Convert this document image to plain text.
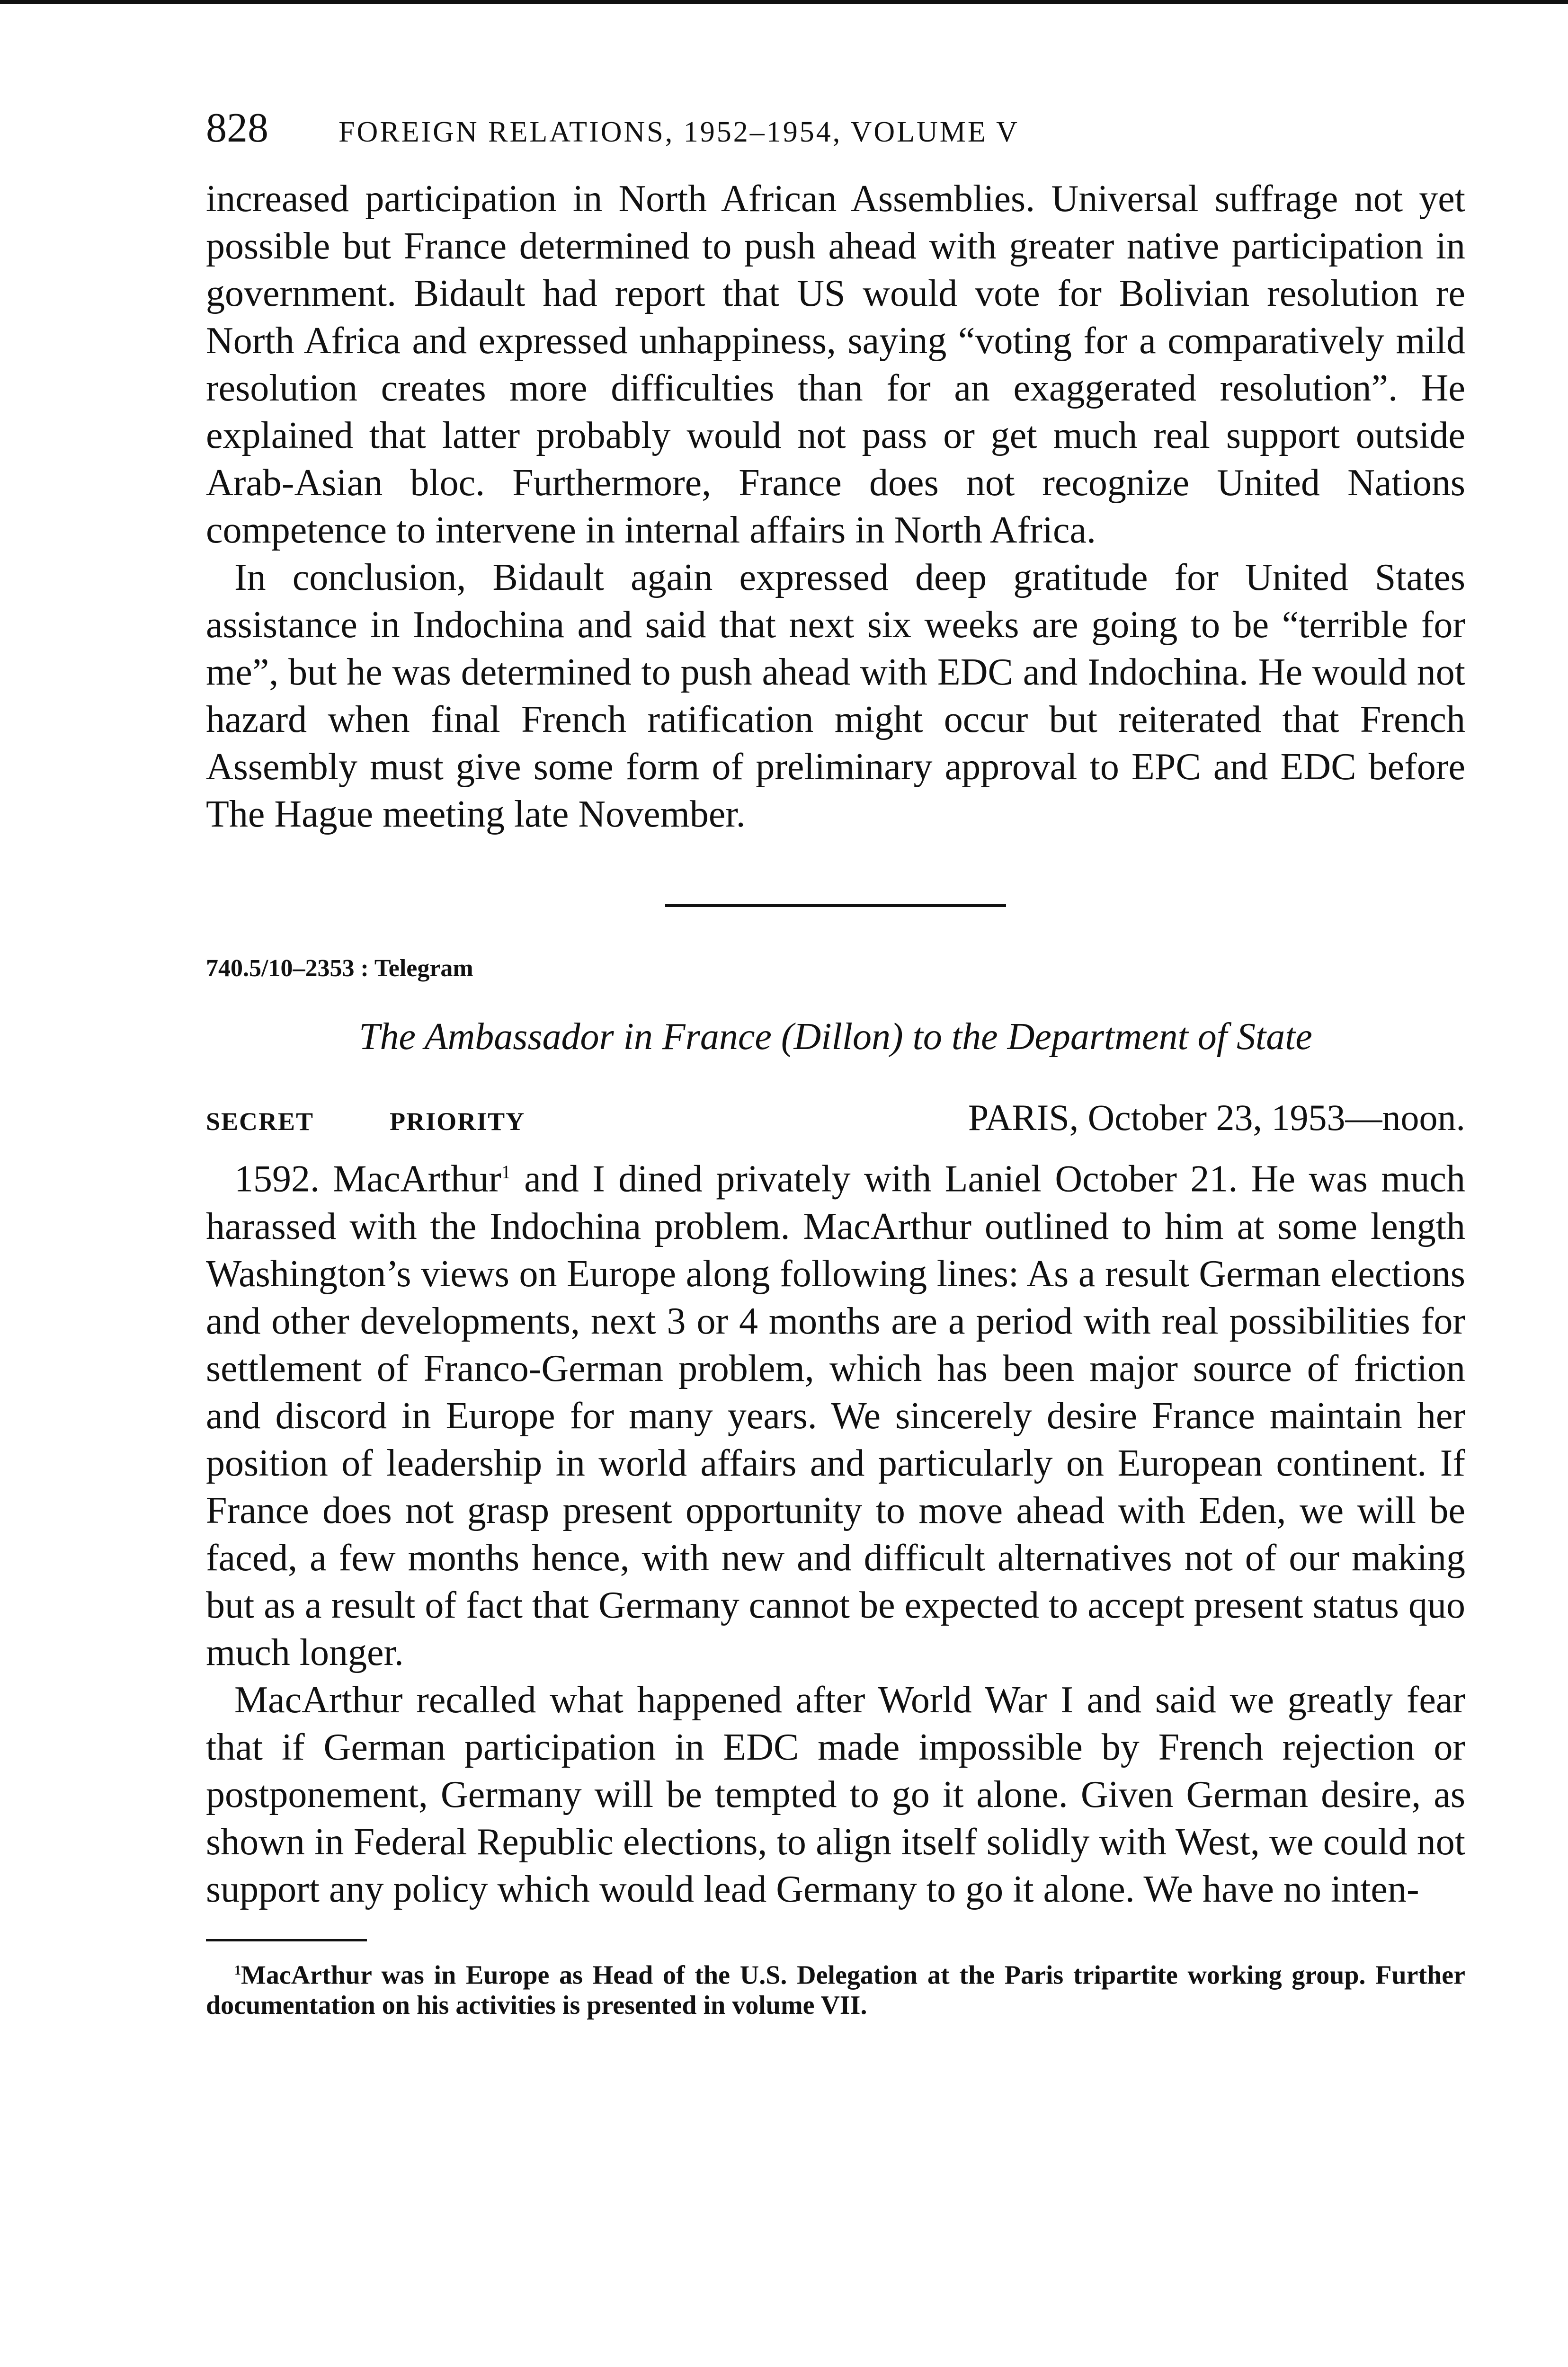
828	FOREIGN RELATIONS, 1952–1954, VOLUME V

increased participation in North African Assemblies. Universal suffrage not yet possible but France determined to push ahead with greater native participation in government. Bidault had report that US would vote for Bolivian resolution re North Africa and expressed unhappiness, saying “voting for a comparatively mild resolution creates more difficulties than for an exaggerated resolution”. He explained that latter probably would not pass or get much real support outside Arab-Asian bloc. Furthermore, France does not recognize United Nations competence to intervene in internal affairs in North Africa.

In conclusion, Bidault again expressed deep gratitude for United States assistance in Indochina and said that next six weeks are going to be “terrible for me”, but he was determined to push ahead with EDC and Indochina. He would not hazard when final French ratification might occur but reiterated that French Assembly must give some form of preliminary approval to EPC and EDC before The Hague meeting late November.

740.5/10–2353 : Telegram
The Ambassador in France (Dillon) to the Department of State
SECRET	PRIORITY	PARIS, October 23, 1953—noon.

1592. MacArthur$^1$ and I dined privately with Laniel October 21. He was much harassed with the Indochina problem. MacArthur outlined to him at some length Washington’s views on Europe along following lines: As a result German elections and other developments, next 3 or 4 months are a period with real possibilities for settlement of Franco-German problem, which has been major source of friction and discord in Europe for many years. We sincerely desire France maintain her position of leadership in world affairs and particularly on European continent. If France does not grasp present opportunity to move ahead with Eden, we will be faced, a few months hence, with new and difficult alternatives not of our making but as a result of fact that Germany cannot be expected to accept present status quo much longer.

MacArthur recalled what happened after World War I and said we greatly fear that if German participation in EDC made impossible by French rejection or postponement, Germany will be tempted to go it alone. Given German desire, as shown in Federal Republic elections, to align itself solidly with West, we could not support any policy which would lead Germany to go it alone. We have no inten-

$^1$MacArthur was in Europe as Head of the U.S. Delegation at the Paris tripartite working group. Further documentation on his activities is presented in volume VII.
